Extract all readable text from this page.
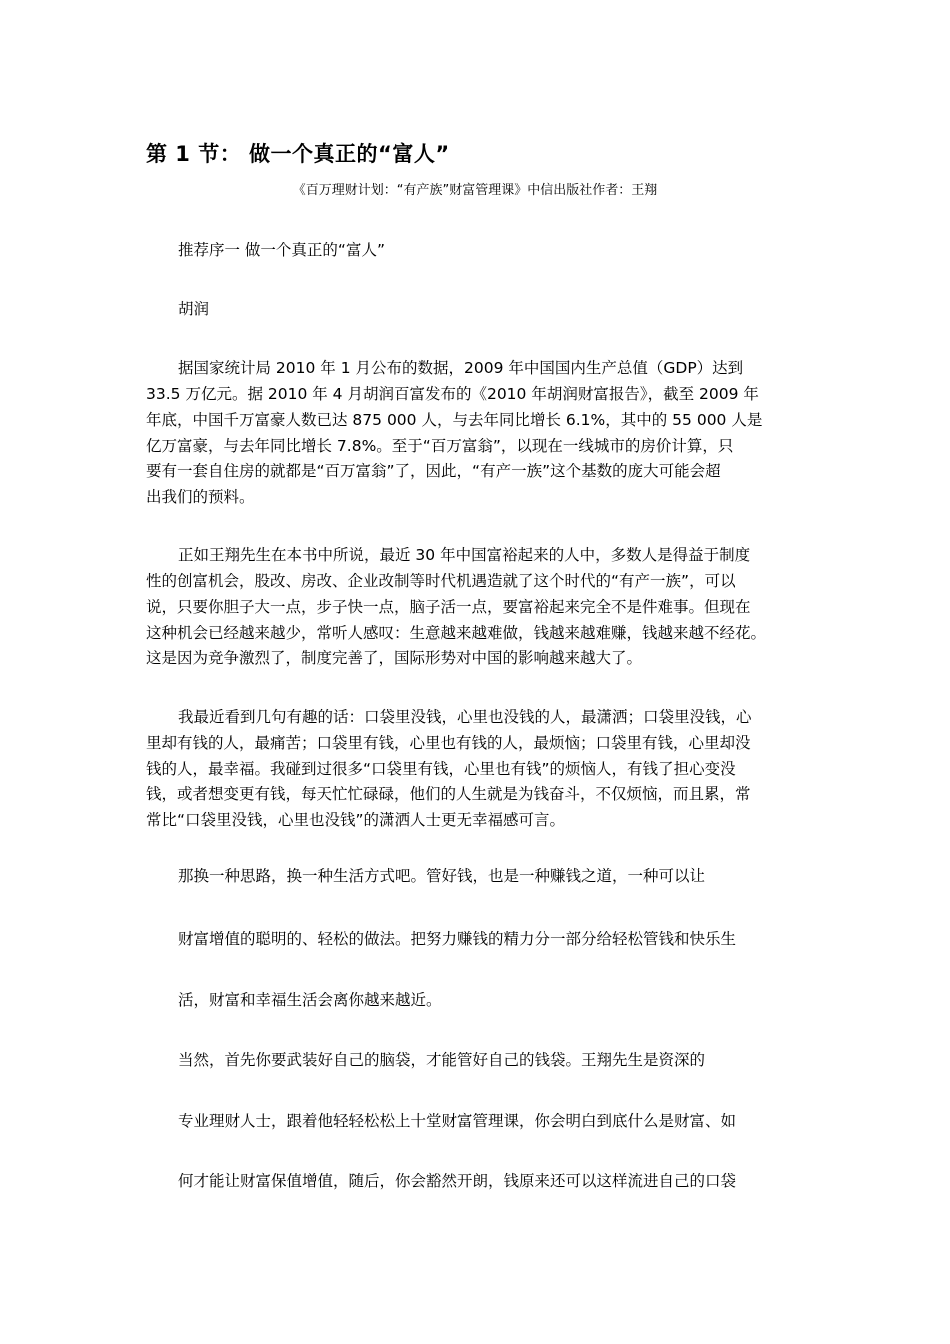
第 1 节： 做一个真正的“富人”
《百万理财计划：“有产族”财富管理课》中信出版社作者：王翔
推荐序一 做一个真正的“富人”
胡润
据国家统计局 2010 年 1 月公布的数据，2009 年中国国内生产总值（GDP）达到
33.5 万亿元。据 2010 年 4 月胡润百富发布的《2010 年胡润财富报告》，截至 2009 年
年底，中国千万富豪人数已达 875 000 人，与去年同比增长 6.1%，其中的 55 000 人是
亿万富豪，与去年同比增长 7.8%。至于“百万富翁”，以现在一线城市的房价计算，只
要有一套自住房的就都是“百万富翁”了，因此，“有产一族”这个基数的庞大可能会超
出我们的预料。
正如王翔先生在本书中所说，最近 30 年中国富裕起来的人中，多数人是得益于制度
性的创富机会，股改、房改、企业改制等时代机遇造就了这个时代的“有产一族”，可以
说，只要你胆子大一点，步子快一点，脑子活一点，要富裕起来完全不是件难事。但现在
这种机会已经越来越少，常听人感叹：生意越来越难做，钱越来越难赚，钱越来越不经花。
这是因为竞争激烈了，制度完善了，国际形势对中国的影响越来越大了。
我最近看到几句有趣的话：口袋里没钱，心里也没钱的人，最潇洒；口袋里没钱，心
里却有钱的人，最痛苦；口袋里有钱，心里也有钱的人，最烦恼；口袋里有钱，心里却没
钱的人，最幸福。我碰到过很多“口袋里有钱，心里也有钱”的烦恼人，有钱了担心变没
钱，或者想变更有钱，每天忙忙碌碌，他们的人生就是为钱奋斗，不仅烦恼，而且累，常
常比“口袋里没钱，心里也没钱”的潇洒人士更无幸福感可言。
那换一种思路，换一种生活方式吧。管好钱，也是一种赚钱之道，一种可以让
财富增值的聪明的、轻松的做法。把努力赚钱的精力分一部分给轻松管钱和快乐生
活，财富和幸福生活会离你越来越近。
当然，首先你要武装好自己的脑袋，才能管好自己的钱袋。王翔先生是资深的
专业理财人士，跟着他轻轻松松上十堂财富管理课，你会明白到底什么是财富、如
何才能让财富保值增值，随后，你会豁然开朗，钱原来还可以这样流进自己的口袋
